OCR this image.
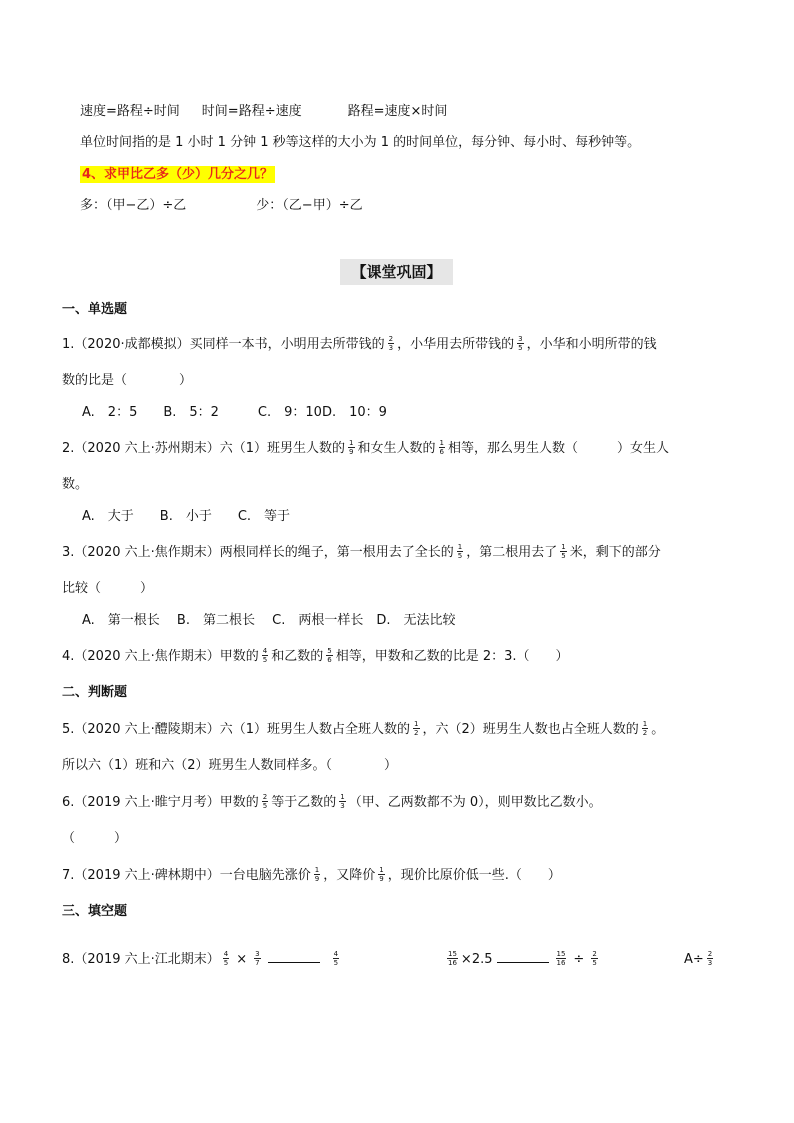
速度=路程÷时间 时间=路程÷速度	路程=速度×时间
单位时间指的是 1 小时 1 分钟 1 秒等这样的大小为 1 的时间单位，每分钟、每小时、每秒钟等。
4、求甲比乙多（少）几分之几？
多：（甲−乙）÷乙	少：（乙−甲）÷乙
【课堂巩固】
一、单选题
1.（2020·成都模拟）买同样一本书，小明用去所带钱的 $\frac{2}{3}$ ，小华用去所带钱的 $\frac{3}{5}$ ，小华和小明所带的钱
数的比是（　　　　）
A.　2：5　　B.　5：2　　　C.　9：10D.　10：9
2.（2020 六上·苏州期末）六（1）班男生人数的 $\frac{1}{9}$ 和女生人数的 $\frac{1}{6}$ 相等，那么男生人数（　　　）女生人
数。
A.　大于　　B.　小于　　C.　等于
3.（2020 六上·焦作期末）两根同样长的绳子，第一根用去了全长的 $\frac{1}{5}$ ，第二根用去了 $\frac{1}{5}$ 米，剩下的部分
比较（　　　）
A.　第一根长　 B.　第二根长　 C.　两根一样长　D.　无法比较
4.（2020 六上·焦作期末）甲数的 $\frac{4}{5}$ 和乙数的 $\frac{5}{6}$ 相等，甲数和乙数的比是 2：3.（　　）
二、判断题
5.（2020 六上·醴陵期末）六（1）班男生人数占全班人数的 $\frac{1}{2}$ ，六（2）班男生人数也占全班人数的 $\frac{1}{2}$ 。
所以六（1）班和六（2）班男生人数同样多。（　　　　）
6.（2019 六上·睢宁月考）甲数的 $\frac{2}{5}$ 等于乙数的 $\frac{1}{3}$ （甲、乙两数都不为 0），则甲数比乙数小。
（　　　）
7.（2019 六上·碑林期中）一台电脑先涨价 $\frac{1}{9}$ ，又降价 $\frac{1}{9}$ ，现价比原价低一些.（　　）
三、填空题
8.（2019 六上·江北期末） $\frac{4}{5} \times \frac{3}{7}$	$\frac{4}{5}$	$\frac{15}{16} \times 2.5$	$\frac{15}{16} \div \frac{2}{5}$	$A\div \frac{2}{3}$
